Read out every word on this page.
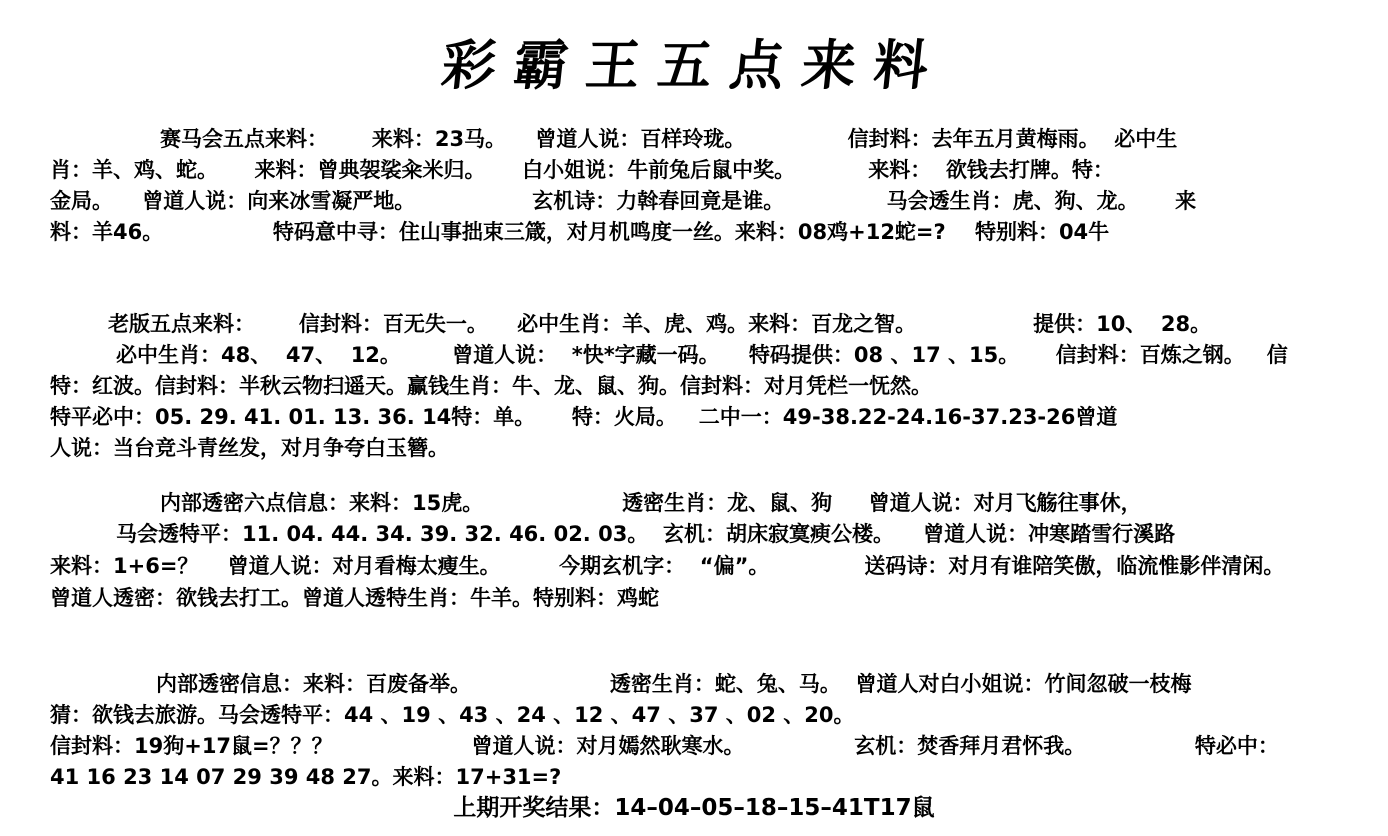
彩霸王五点来料
赛马会五点来料：      来料：23马。    曾道人说：百样玲珑。              信封料：去年五月黄梅雨。  必中生
肖：羊、鸡、蛇。     来料：曾典袈裟籴米归。     白小姐说：牛前兔后鼠中奖。          来料：  欲钱去打牌。特：
金局。    曾道人说：向来冰雪凝严地。                玄机诗：力斡春回竟是谁。              马会透生肖：虎、狗、龙。     来
料：羊46。               特码意中寻：住山事拙束三箴，对月机鸣度一丝。来料：08鸡+12蛇=?    特别料：04牛
老版五点来料：      信封料：百无失一。    必中生肖：羊、虎、鸡。来料：百龙之智。                提供：10、  28。
必中生肖：48、  47、  12。       曾道人说：  *快*字藏一码。    特码提供：08 、17 、15。     信封料：百炼之钢。   信
特：红波。信封料：半秋云物扫遥天。赢钱生肖：牛、龙、鼠、狗。信封料：对月凭栏一怃然。
特平必中：05. 29. 41. 01. 13. 36. 14特：单。     特：火局。   二中一：49-38.22-24.16-37.23-26曾道
人说：当台竞斗青丝发，对月争夸白玉簪。
内部透密六点信息：来料：15虎。                   透密生肖：龙、鼠、狗     曾道人说：对月飞觞往事休，
马会透特平：11. 04. 44. 34. 39. 32. 46. 02. 03。  玄机：胡床寂寞瘐公楼。    曾道人说：冲寒踏雪行溪路
来料：1+6=？    曾道人说：对月看梅太瘦生。        今期玄机字：  “偏”。             送码诗：对月有谁陪笑傲，临流惟影伴清闲。
曾道人透密：欲钱去打工。曾道人透特生肖：牛羊。特别料：鸡蛇
内部透密信息：来料：百废备举。                   透密生肖：蛇、兔、马。  曾道人对白小姐说：竹间忽破一枝梅
猜：欲钱去旅游。马会透特平：44 、19 、43 、24 、12 、47 、37 、02 、20。
信封料：19狗+17鼠=？？？                   曾道人说：对月嫣然耿寒水。               玄机：焚香拜月君怀我。               特必中：
41 16 23 14 07 29 39 48 27。来料：17+31=?
上期开奖结果：14–04–05–18–15–41T17鼠
